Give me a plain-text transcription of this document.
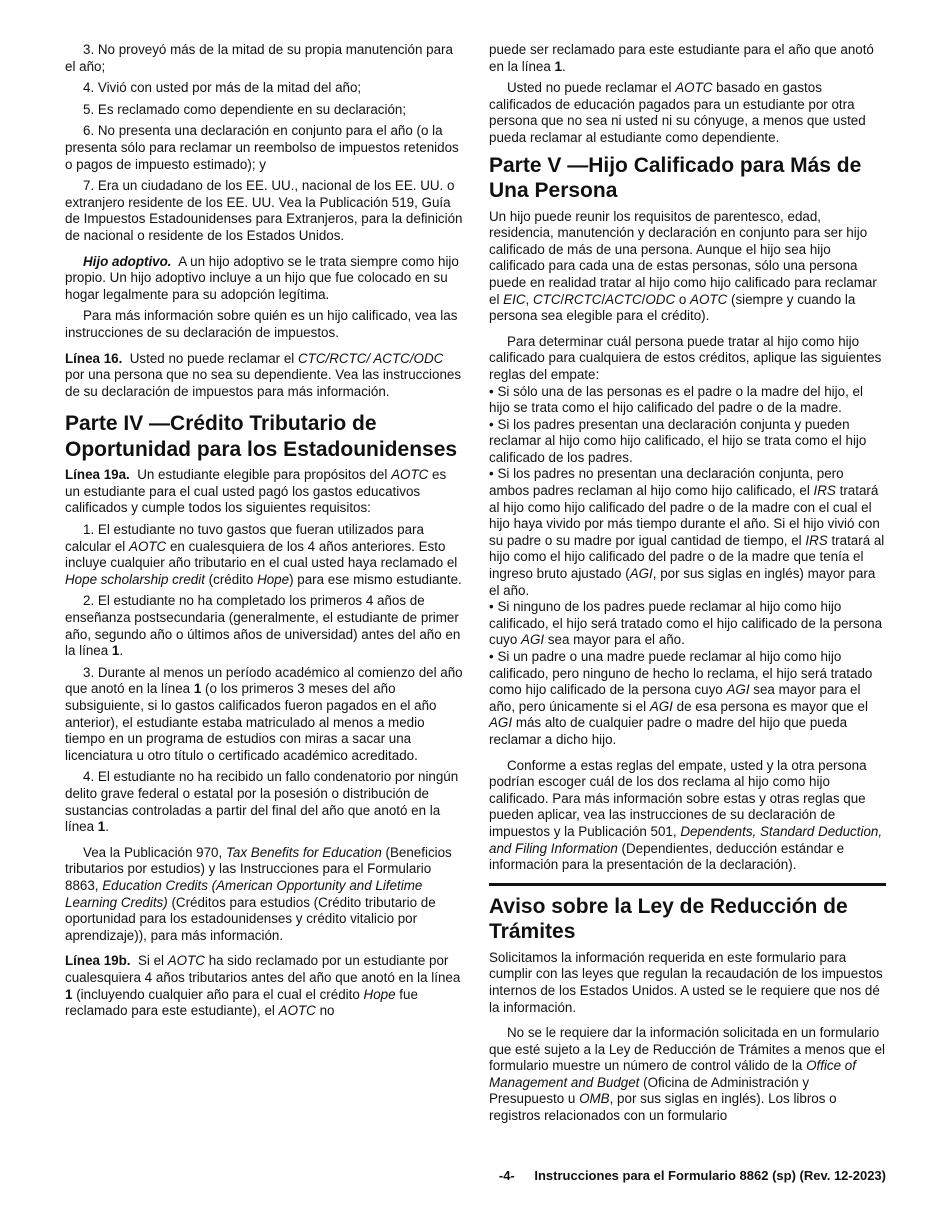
3. No proveyó más de la mitad de su propia manutención para el año;

4. Vivió con usted por más de la mitad del año;

5. Es reclamado como dependiente en su declaración;

6. No presenta una declaración en conjunto para el año (o la presenta sólo para reclamar un reembolso de impuestos retenidos o pagos de impuesto estimado); y

7. Era un ciudadano de los EE. UU., nacional de los EE. UU. o extranjero residente de los EE. UU. Vea la Publicación 519, Guía de Impuestos Estadounidenses para Extranjeros, para la definición de nacional o residente de los Estados Unidos.

Hijo adoptivo. A un hijo adoptivo se le trata siempre como hijo propio. Un hijo adoptivo incluye a un hijo que fue colocado en su hogar legalmente para su adopción legítima.

Para más información sobre quién es un hijo calificado, vea las instrucciones de su declaración de impuestos.

Línea 16. Usted no puede reclamar el CTC/RCTC/ ACTC/ODC por una persona que no sea su dependiente. Vea las instrucciones de su declaración de impuestos para más información.

Parte IV —Crédito Tributario de Oportunidad para los Estadounidenses

Línea 19a. Un estudiante elegible para propósitos del AOTC es un estudiante para el cual usted pagó los gastos educativos calificados y cumple todos los siguientes requisitos:

1. El estudiante no tuvo gastos que fueran utilizados para calcular el AOTC en cualesquiera de los 4 años anteriores. Esto incluye cualquier año tributario en el cual usted haya reclamado el Hope scholarship credit (crédito Hope) para ese mismo estudiante.

2. El estudiante no ha completado los primeros 4 años de enseñanza postsecundaria (generalmente, el estudiante de primer año, segundo año o últimos años de universidad) antes del año en la línea 1.

3. Durante al menos un período académico al comienzo del año que anotó en la línea 1 (o los primeros 3 meses del año subsiguiente, si lo gastos calificados fueron pagados en el año anterior), el estudiante estaba matriculado al menos a medio tiempo en un programa de estudios con miras a sacar una licenciatura u otro título o certificado académico acreditado.

4. El estudiante no ha recibido un fallo condenatorio por ningún delito grave federal o estatal por la posesión o distribución de sustancias controladas a partir del final del año que anotó en la línea 1.

Vea la Publicación 970, Tax Benefits for Education (Beneficios tributarios por estudios) y las Instrucciones para el Formulario 8863, Education Credits (American Opportunity and Lifetime Learning Credits) (Créditos para estudios (Crédito tributario de oportunidad para los estadounidenses y crédito vitalicio por aprendizaje)), para más información.

Línea 19b. Si el AOTC ha sido reclamado por un estudiante por cualesquiera 4 años tributarios antes del año que anotó en la línea 1 (incluyendo cualquier año para el cual el crédito Hope fue reclamado para este estudiante), el AOTC no

puede ser reclamado para este estudiante para el año que anotó en la línea 1.

Usted no puede reclamar el AOTC basado en gastos calificados de educación pagados para un estudiante por otra persona que no sea ni usted ni su cónyuge, a menos que usted pueda reclamar al estudiante como dependiente.

Parte V —Hijo Calificado para Más de Una Persona

Un hijo puede reunir los requisitos de parentesco, edad, residencia, manutención y declaración en conjunto para ser hijo calificado de más de una persona. Aunque el hijo sea hijo calificado para cada una de estas personas, sólo una persona puede en realidad tratar al hijo como hijo calificado para reclamar el EIC, CTC/RCTC/ACTC/ODC o AOTC (siempre y cuando la persona sea elegible para el crédito).

Para determinar cuál persona puede tratar al hijo como hijo calificado para cualquiera de estos créditos, aplique las siguientes reglas del empate:

• Si sólo una de las personas es el padre o la madre del hijo, el hijo se trata como el hijo calificado del padre o de la madre.

• Si los padres presentan una declaración conjunta y pueden reclamar al hijo como hijo calificado, el hijo se trata como el hijo calificado de los padres.

• Si los padres no presentan una declaración conjunta, pero ambos padres reclaman al hijo como hijo calificado, el IRS tratará al hijo como hijo calificado del padre o de la madre con el cual el hijo haya vivido por más tiempo durante el año. Si el hijo vivió con su padre o su madre por igual cantidad de tiempo, el IRS tratará al hijo como el hijo calificado del padre o de la madre que tenía el ingreso bruto ajustado (AGI, por sus siglas en inglés) mayor para el año.

• Si ninguno de los padres puede reclamar al hijo como hijo calificado, el hijo será tratado como el hijo calificado de la persona cuyo AGI sea mayor para el año.

• Si un padre o una madre puede reclamar al hijo como hijo calificado, pero ninguno de hecho lo reclama, el hijo será tratado como hijo calificado de la persona cuyo AGI sea mayor para el año, pero únicamente si el AGI de esa persona es mayor que el AGI más alto de cualquier padre o madre del hijo que pueda reclamar a dicho hijo.

Conforme a estas reglas del empate, usted y la otra persona podrían escoger cuál de los dos reclama al hijo como hijo calificado. Para más información sobre estas y otras reglas que pueden aplicar, vea las instrucciones de su declaración de impuestos y la Publicación 501, Dependents, Standard Deduction, and Filing Information (Dependientes, deducción estándar e información para la presentación de la declaración).

Aviso sobre la Ley de Reducción de Trámites

Solicitamos la información requerida en este formulario para cumplir con las leyes que regulan la recaudación de los impuestos internos de los Estados Unidos. A usted se le requiere que nos dé la información.

No se le requiere dar la información solicitada en un formulario que esté sujeto a la Ley de Reducción de Trámites a menos que el formulario muestre un número de control válido de la Office of Management and Budget (Oficina de Administración y Presupuesto u OMB, por sus siglas en inglés). Los libros o registros relacionados con un formulario

-4- Instrucciones para el Formulario 8862 (sp) (Rev. 12-2023)
